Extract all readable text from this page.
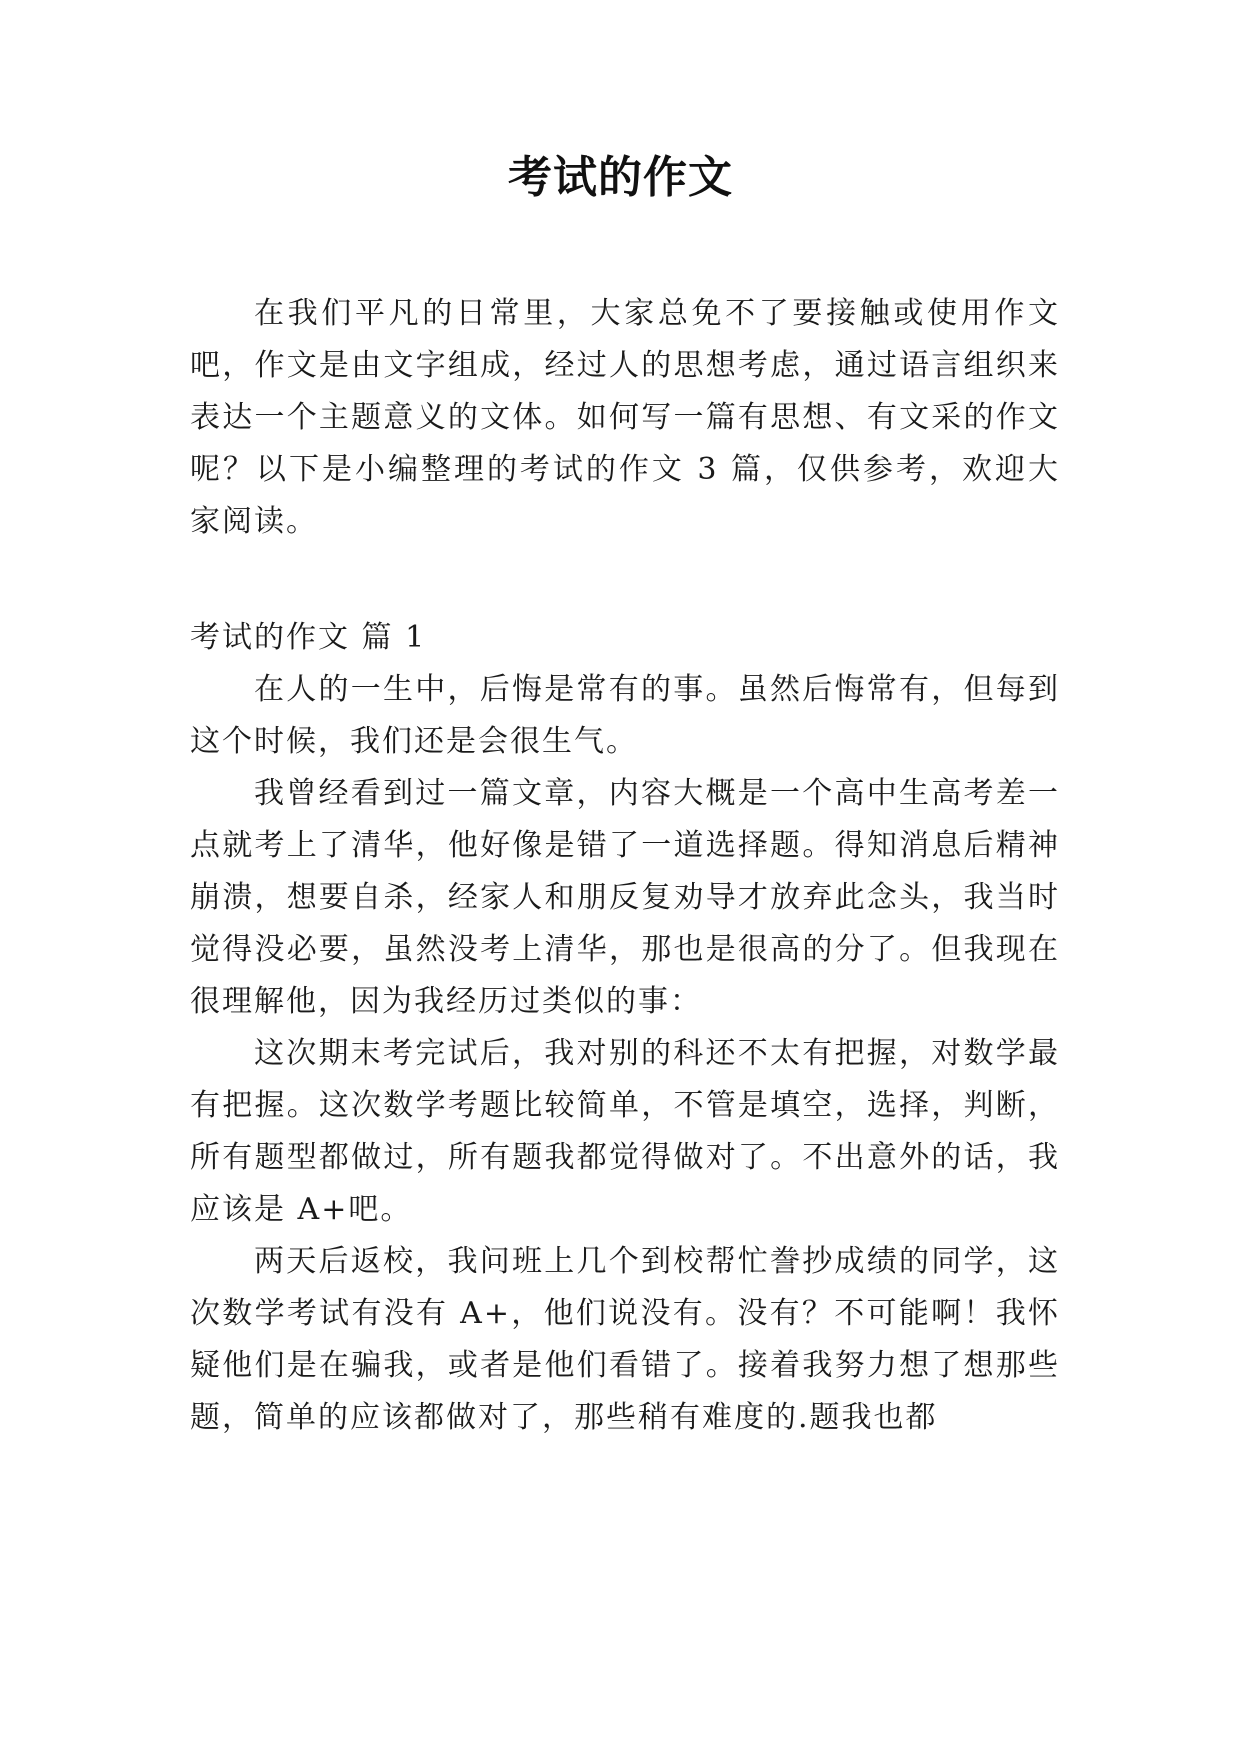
考试的作文

在我们平凡的日常里，大家总免不了要接触或使用作文吧，作文是由文字组成，经过人的思想考虑，通过语言组织来表达一个主题意义的文体。如何写一篇有思想、有文采的作文呢？以下是小编整理的考试的作文 3 篇，仅供参考，欢迎大家阅读。

考试的作文 篇 1

在人的一生中，后悔是常有的事。虽然后悔常有，但每到这个时候，我们还是会很生气。

我曾经看到过一篇文章，内容大概是一个高中生高考差一点就考上了清华，他好像是错了一道选择题。得知消息后精神崩溃，想要自杀，经家人和朋反复劝导才放弃此念头，我当时觉得没必要，虽然没考上清华，那也是很高的分了。但我现在很理解他，因为我经历过类似的事：

这次期末考完试后，我对别的科还不太有把握，对数学最有把握。这次数学考题比较简单，不管是填空，选择，判断，所有题型都做过，所有题我都觉得做对了。不出意外的话，我应该是 A+吧。

两天后返校，我问班上几个到校帮忙誊抄成绩的同学，这次数学考试有没有 A+，他们说没有。没有？不可能啊！我怀疑他们是在骗我，或者是他们看错了。接着我努力想了想那些题，简单的应该都做对了，那些稍有难度的.题我也都
